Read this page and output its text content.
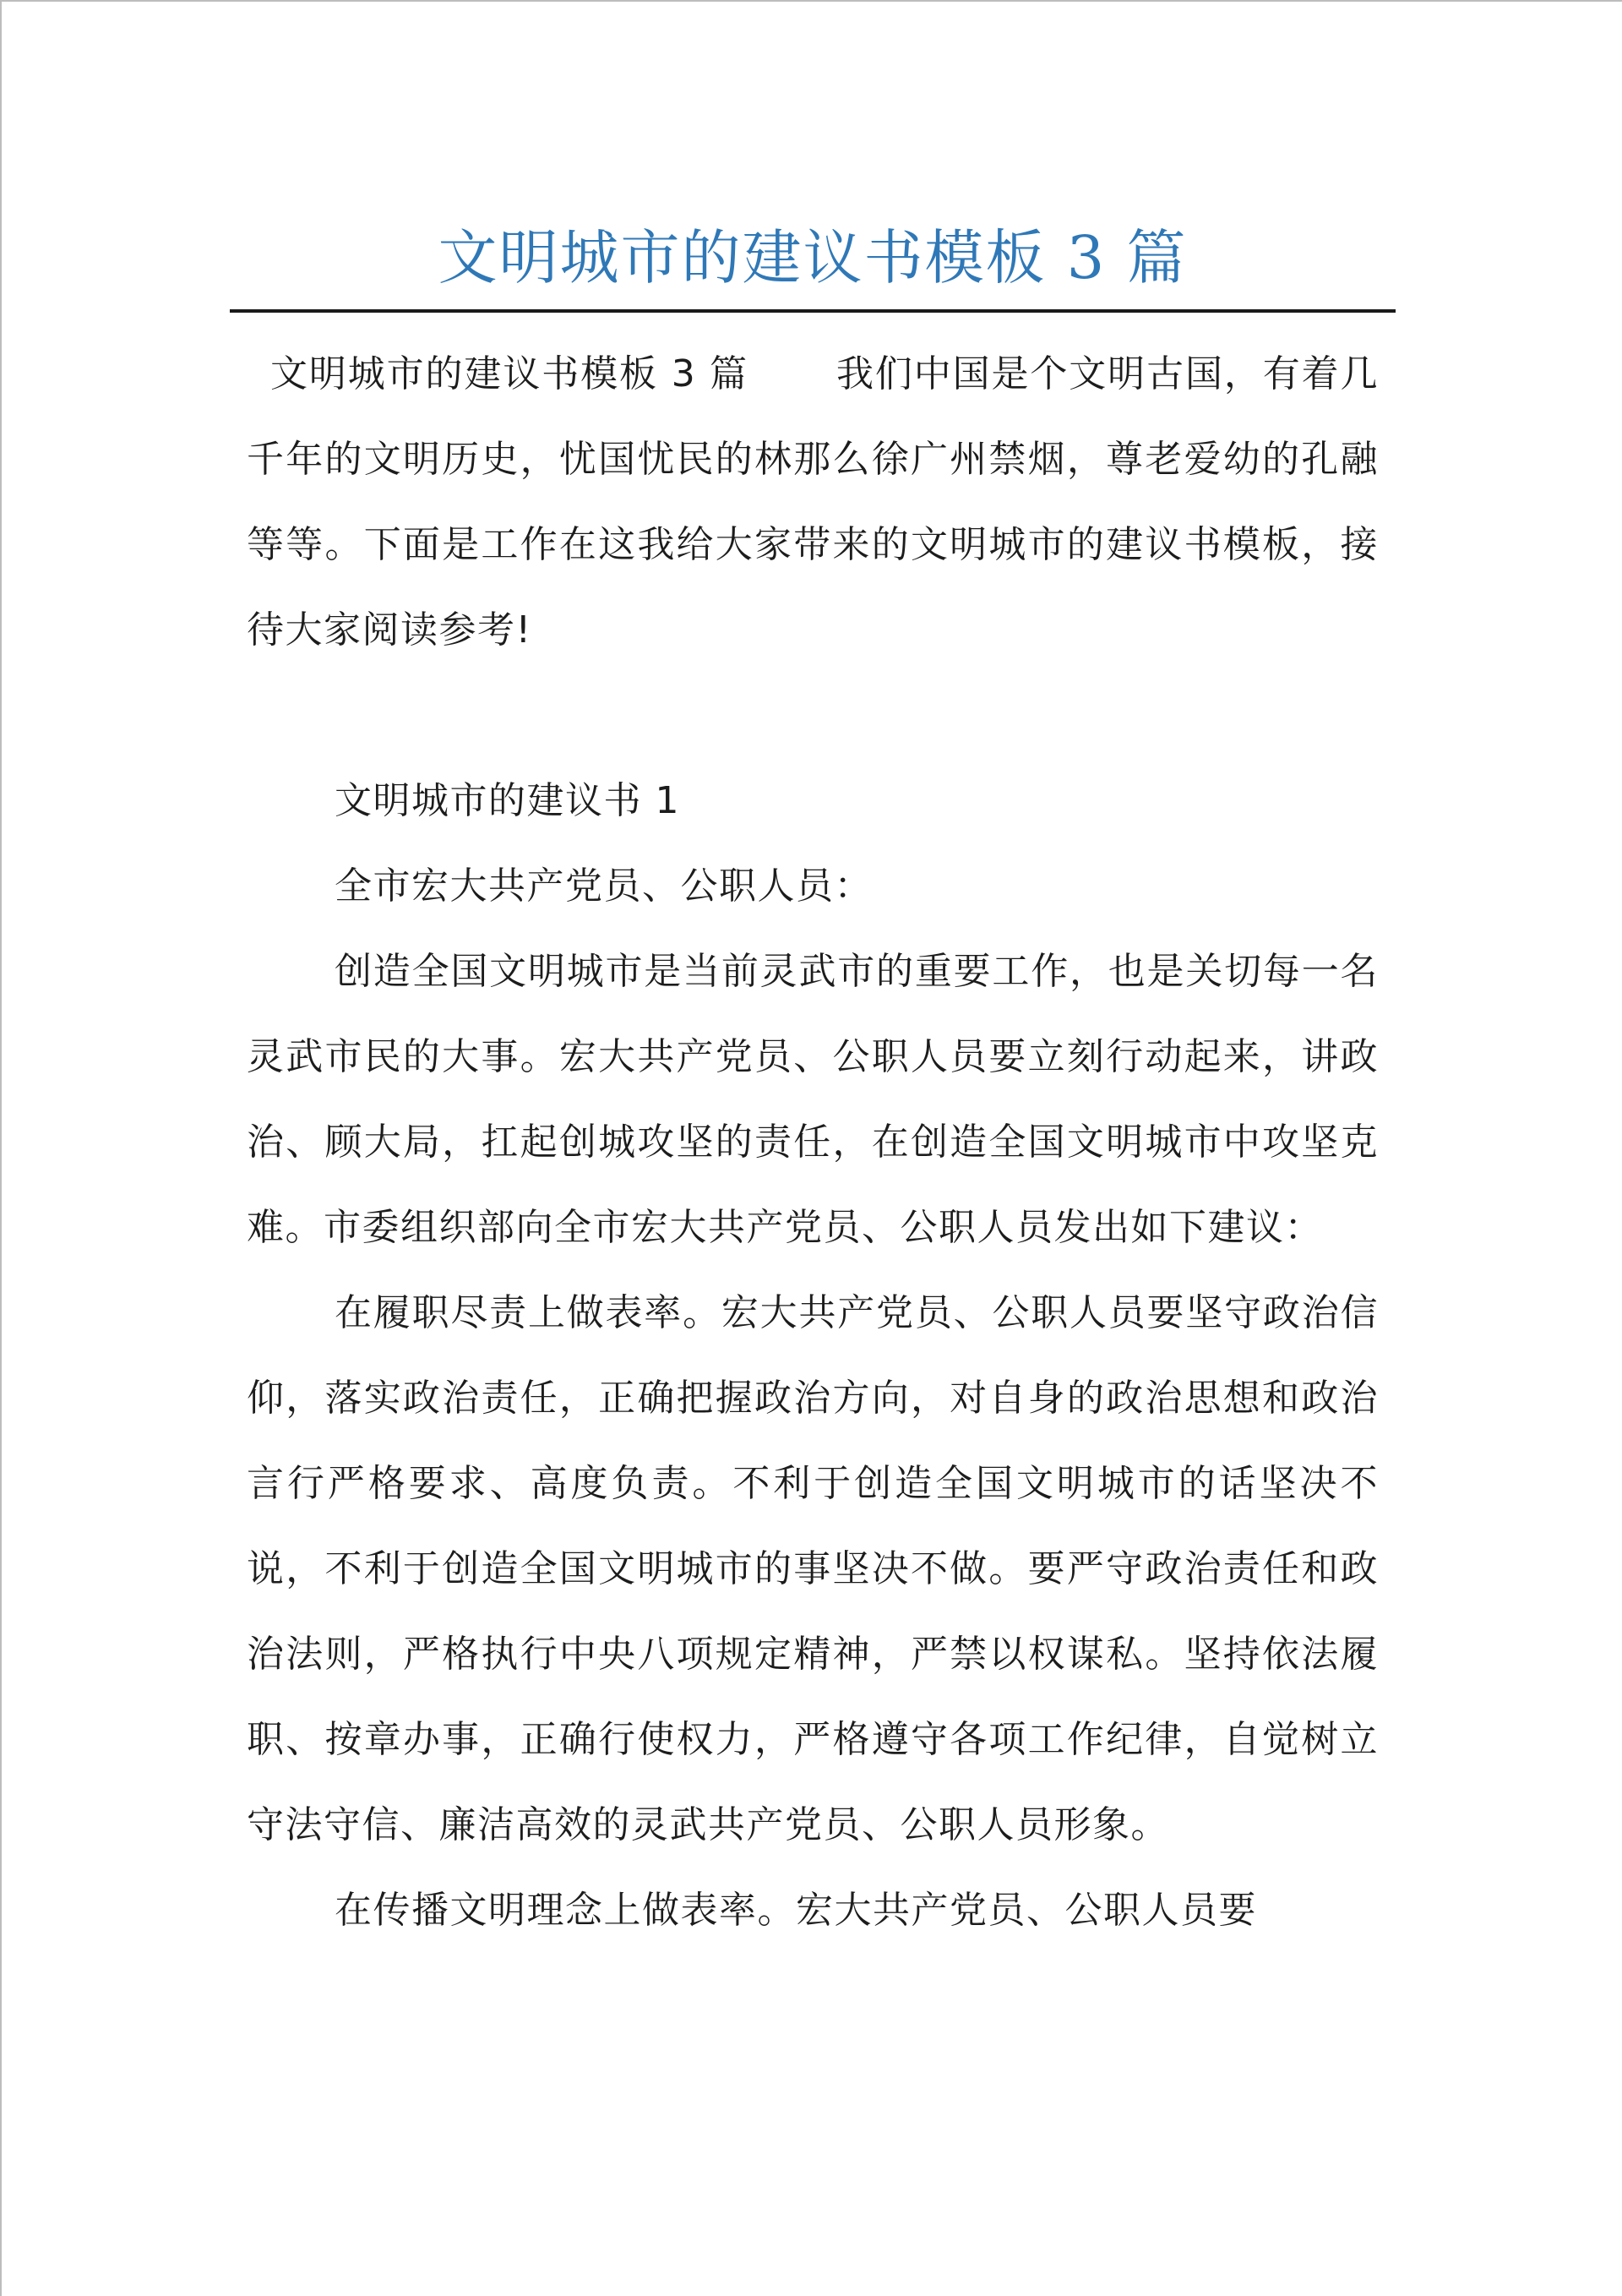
文明城市的建议书模板 3 篇

文明城市的建议书模板 3 篇 我们中国是个文明古国，有着几千年的文明历史，忧国忧民的林那么徐广州禁烟，尊老爱幼的孔融等等。下面是工作在这我给大家带来的文明城市的建议书模板，接待大家阅读参考!

文明城市的建议书 1

全市宏大共产党员、公职人员：

创造全国文明城市是当前灵武市的重要工作，也是关切每一名灵武市民的大事。宏大共产党员、公职人员要立刻行动起来，讲政治、顾大局，扛起创城攻坚的责任，在创造全国文明城市中攻坚克难。市委组织部向全市宏大共产党员、公职人员发出如下建议：

在履职尽责上做表率。宏大共产党员、公职人员要坚守政治信仰，落实政治责任，正确把握政治方向，对自身的政治思想和政治言行严格要求、高度负责。不利于创造全国文明城市的话坚决不说，不利于创造全国文明城市的事坚决不做。要严守政治责任和政治法则，严格执行中央八项规定精神，严禁以权谋私。坚持依法履职、按章办事，正确行使权力，严格遵守各项工作纪律，自觉树立守法守信、廉洁高效的灵武共产党员、公职人员形象。

在传播文明理念上做表率。宏大共产党员、公职人员要
